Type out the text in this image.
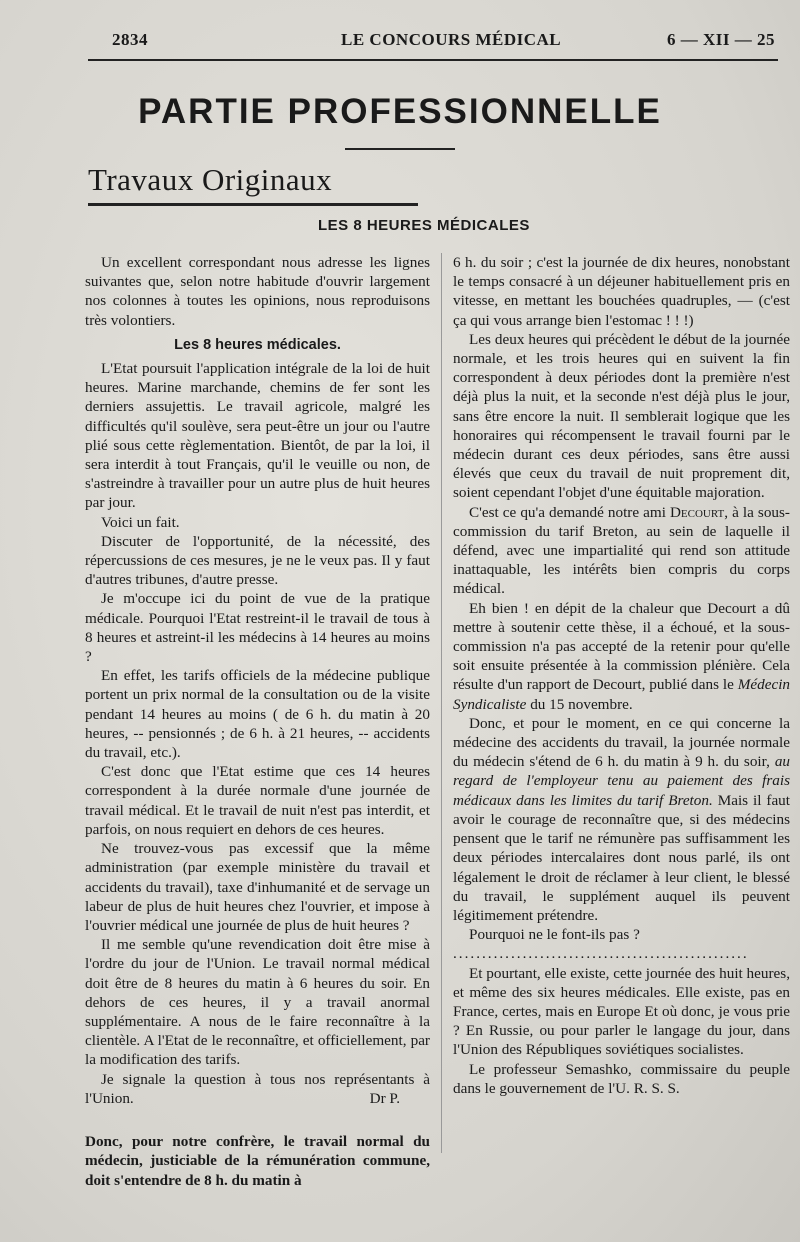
2834	LE CONCOURS MÉDICAL	6 — XII — 25
PARTIE PROFESSIONNELLE
Travaux Originaux
LES 8 HEURES MÉDICALES

Un excellent correspondant nous adresse les lignes suivantes que, selon notre habitude d'ouvrir largement nos colonnes à toutes les opinions, nous reproduisons très volontiers.

Les 8 heures médicales.

L'Etat poursuit l'application intégrale de la loi de huit heures. Marine marchande, chemins de fer sont les derniers assujettis. Le travail agricole, malgré les difficultés qu'il soulève, sera peut-être un jour ou l'autre plié sous cette règlementation. Bientôt, de par la loi, il sera interdit à tout Français, qu'il le veuille ou non, de s'astreindre à travailler pour un autre plus de huit heures par jour.

Voici un fait.

Discuter de l'opportunité, de la nécessité, des répercussions de ces mesures, je ne le veux pas. Il y faut d'autres tribunes, d'autre presse.

Je m'occupe ici du point de vue de la pratique médicale. Pourquoi l'Etat restreint-il le travail de tous à 8 heures et astreint-il les médecins à 14 heures au moins ?

En effet, les tarifs officiels de la médecine publique portent un prix normal de la consultation ou de la visite pendant 14 heures au moins ( de 6 h. du matin à 20 heures, -- pensionnés ; de 6 h. à 21 heures, -- accidents du travail, etc.).

C'est donc que l'Etat estime que ces 14 heures correspondent à la durée normale d'une journée de travail médical. Et le travail de nuit n'est pas interdit, et parfois, on nous requiert en dehors de ces heures.

Ne trouvez-vous pas excessif que la même administration (par exemple ministère du travail et accidents du travail), taxe d'inhumanité et de servage un labeur de plus de huit heures chez l'ouvrier, et impose à l'ouvrier médical une journée de plus de huit heures ?

Il me semble qu'une revendication doit être mise à l'ordre du jour de l'Union. Le travail normal médical doit être de 8 heures du matin à 6 heures du soir. En dehors de ces heures, il y a travail anormal supplémentaire. A nous de le faire reconnaître à la clientèle. A l'Etat de le reconnaître, et officiellement, par la modification des tarifs.

Je signale la question à tous nos représentants à l'Union.	Dr P.

Donc, pour notre confrère, le travail normal du médecin, justiciable de la rémunération commune, doit s'entendre de 8 h. du matin à

6 h. du soir ; c'est la journée de dix heures, nonobstant le temps consacré à un déjeuner habituellement pris en vitesse, en mettant les bouchées quadruples, — (c'est ça qui vous arrange bien l'estomac ! ! !)

Les deux heures qui précèdent le début de la journée normale, et les trois heures qui en suivent la fin correspondent à deux périodes dont la première n'est déjà plus la nuit, et la seconde n'est déjà plus le jour, sans être encore la nuit. Il semblerait logique que les honoraires qui récompensent le travail fourni par le médecin durant ces deux périodes, sans être aussi élevés que ceux du travail de nuit proprement dit, soient cependant l'objet d'une équitable majoration.

C'est ce qu'a demandé notre ami Decourt, à la sous-commission du tarif Breton, au sein de laquelle il défend, avec une impartialité qui rend son attitude inattaquable, les intérêts bien compris du corps médical.

Eh bien ! en dépit de la chaleur que Decourt a dû mettre à soutenir cette thèse, il a échoué, et la sous-commission n'a pas accepté de la retenir pour qu'elle soit ensuite présentée à la commission plénière. Cela résulte d'un rapport de Decourt, publié dans le Médecin Syndicaliste du 15 novembre.

Donc, et pour le moment, en ce qui concerne la médecine des accidents du travail, la journée normale du médecin s'étend de 6 h. du matin à 9 h. du soir, au regard de l'employeur tenu au paiement des frais médicaux dans les limites du tarif Breton. Mais il faut avoir le courage de reconnaître que, si des médecins pensent que le tarif ne rémunère pas suffisamment les deux périodes intercalaires dont nous parlé, ils ont légalement le droit de réclamer à leur client, le blessé du travail, le supplément auquel ils peuvent légitimement prétendre.

Pourquoi ne le font-ils pas ?

...................................................

Et pourtant, elle existe, cette journée des huit heures, et même des six heures médicales. Elle existe, pas en France, certes, mais en Europe Et où donc, je vous prie ? En Russie, ou pour parler le langage du jour, dans l'Union des Républiques soviétiques socialistes.

Le professeur Semashko, commissaire du peuple dans le gouvernement de l'U. R. S. S.
